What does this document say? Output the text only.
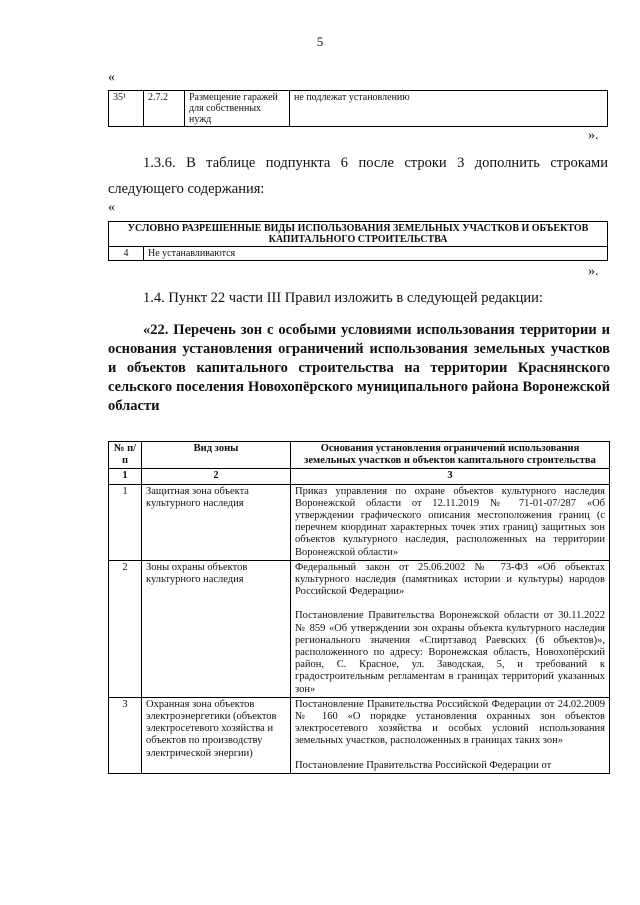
5
«
35¹	2.7.2	Размещение гаражей для собственных нужд	не подлежат установлению
».
1.3.6. В таблице подпункта 6 после строки 3 дополнить строками следующего содержания:
«
УСЛОВНО РАЗРЕШЕННЫЕ ВИДЫ ИСПОЛЬЗОВАНИЯ ЗЕМЕЛЬНЫХ УЧАСТКОВ И ОБЪЕКТОВ КАПИТАЛЬНОГО СТРОИТЕЛЬСТВА
4	Не устанавливаются
».
1.4. Пункт 22 части III Правил изложить в следующей редакции:
«22. Перечень зон с особыми условиями использования территории и основания установления ограничений использования земельных участков и объектов капитального строительства на территории Краснянского сельского поселения Новохопёрского муниципального района Воронежской области
№ п/п	Вид зоны	Основания установления ограничений использования земельных участков и объектов капитального строительства
1	2	3
1	Защитная зона объекта культурного наследия	Приказ управления по охране объектов культурного наследия Воронежской области от 12.11.2019 № 71-01-07/287 «Об утверждении графического описания местоположения границ (с перечнем координат характерных точек этих границ) защитных зон объектов культурного наследия, расположенных на территории Воронежской области»
2	Зоны охраны объектов культурного наследия	Федеральный закон от 25.06.2002 № 73-ФЗ «Об объектах культурного наследия (памятниках истории и культуры) народов Российской Федерации»
Постановление Правительства Воронежской области от 30.11.2022 № 859 «Об утверждении зон охраны объекта культурного наследия регионального значения «Спиртзавод Раевских (6 объектов)», расположенного по адресу: Воронежская область, Новохопёрский район, С. Красное, ул. Заводская, 5, и требований к градостроительным регламентам в границах территорий указанных зон»
3	Охранная зона объектов электроэнергетики (объектов электросетевого хозяйства и объектов по производству электрической энергии)	Постановление Правительства Российской Федерации от 24.02.2009 № 160 «О порядке установления охранных зон объектов электросетевого хозяйства и особых условий использования земельных участков, расположенных в границах таких зон»
Постановление Правительства Российской Федерации от
